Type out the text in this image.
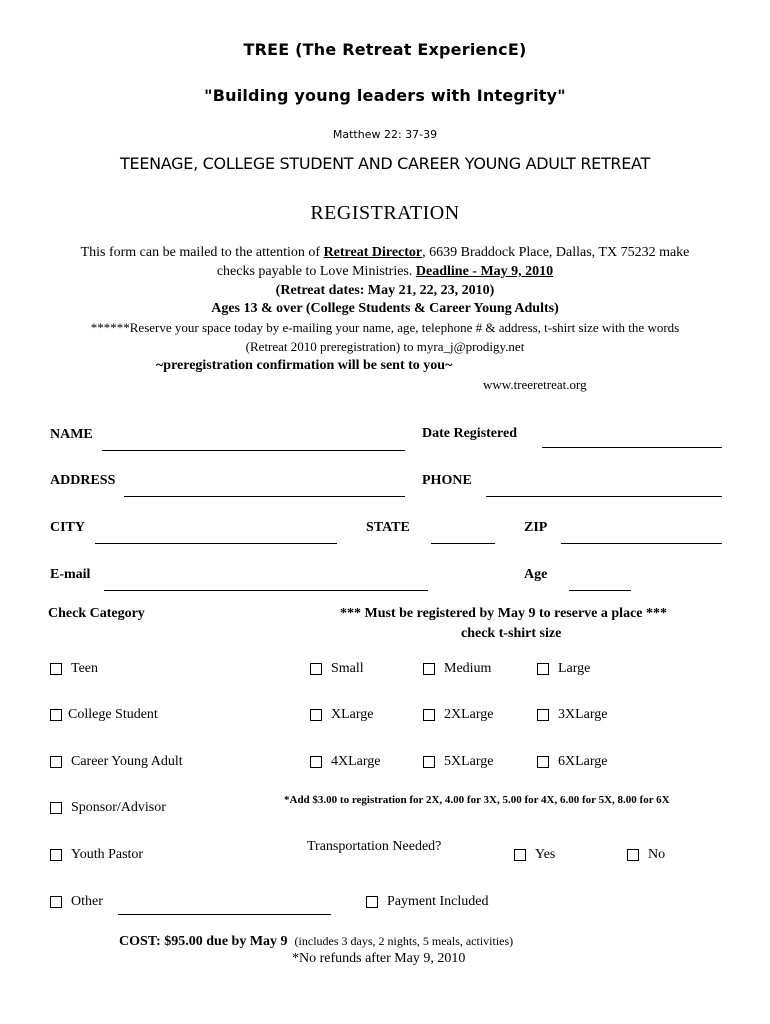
TREE (The Retreat ExperiencE)
"Building young leaders with Integrity"
Matthew 22: 37-39
TEENAGE, COLLEGE STUDENT AND CAREER YOUNG ADULT RETREAT
REGISTRATION
This form can be mailed to the attention of Retreat Director, 6639 Braddock Place, Dallas, TX 75232 make
checks payable to Love Ministries. Deadline - May 9, 2010
(Retreat dates: May 21, 22, 23, 2010)
Ages 13 & over (College Students & Career Young Adults)
******Reserve your space today by e-mailing your name, age, telephone # & address, t-shirt size with the words
(Retreat 2010 preregistration) to myra_j@prodigy.net
~preregistration confirmation will be sent to you~
www.treeretreat.org
NAME	Date Registered
ADDRESS	PHONE
CITY	STATE	ZIP
E-mail	Age
Check Category	*** Must be registered by May 9 to reserve a place ***
check t-shirt size
Teen
College Student
Career Young Adult
Sponsor/Advisor
Youth Pastor
Other
Small	Medium	Large
XLarge	2XLarge	3XLarge
4XLarge	5XLarge	6XLarge
*Add $3.00 to registration for 2X, 4.00 for 3X, 5.00 for 4X, 6.00 for 5X, 8.00 for 6X
Transportation Needed?
Yes	No
Payment Included
COST: $95.00 due by May 9 (includes 3 days, 2 nights, 5 meals, activities)
*No refunds after May 9, 2010
